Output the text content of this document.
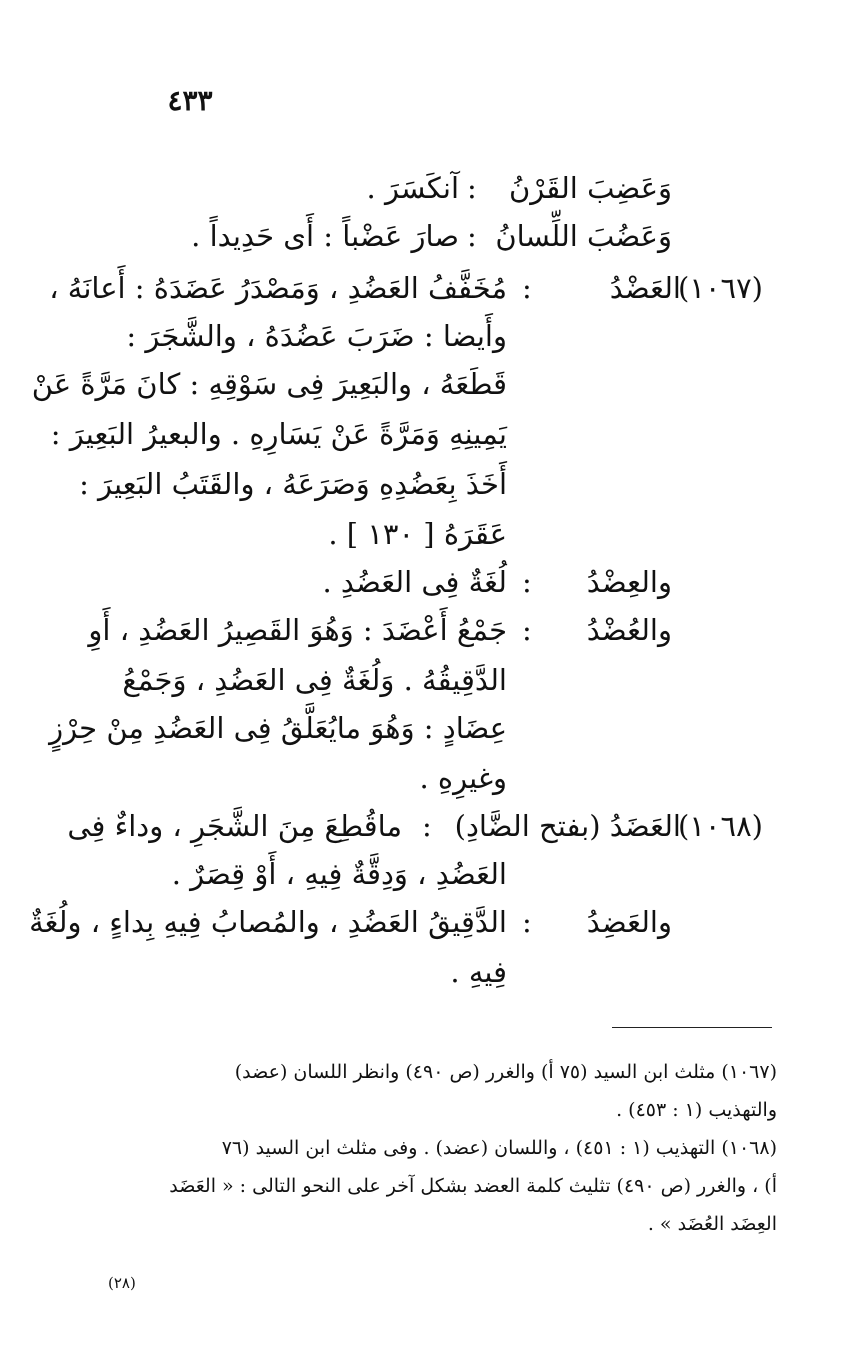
٤٣٣
وَعَضِبَ القَرْنُ
:
آنكَسَرَ .
وَعَضُبَ اللِّسانُ
:
صارَ عَضْباً : أَى حَدِيداً .
(١٠٦٧)
العَضْدُ
:
مُخَفَّفُ العَضُدِ ، وَمَصْدَرُ عَضَدَهُ : أَعانَهُ ،
وأَيضا : ضَرَبَ عَضُدَهُ ، والشَّجَرَ :
قَطَعَهُ ، والبَعِيرَ فِى سَوْقِهِ : كانَ مَرَّةً عَنْ
يَمِينِهِ وَمَرَّةً عَنْ يَسَارِهِ . والبعيرُ البَعِيرَ :
أَخَذَ بِعَضُدِهِ وَصَرَعَهُ ، والقَتَبُ البَعِيرَ :
عَقَرَهُ [ ١٣٠ ] .
والعِضْدُ
:
لُغَةٌ فِى العَضُدِ .
والعُضْدُ
:
جَمْعُ أَعْضَدَ : وَهُوَ القَصِيرُ العَضُدِ ، أَوِ
الدَّقِيقُهُ . وَلُغَةٌ فِى العَضُدِ ، وَجَمْعُ
عِضَادٍ : وَهُوَ مايُعَلَّقُ فِى العَضُدِ مِنْ حِرْزٍ
وغيرِهِ .
(١٠٦٨)
العَضَدُ (بفتح الضَّادِ)
:
ماقُطِعَ مِنَ الشَّجَرِ ، وداءٌ فِى
العَضُدِ ، وَدِقَّةٌ فِيهِ ، أَوْ قِصَرٌ .
والعَضِدُ
:
الدَّقِيقُ العَضُدِ ، والمُصابُ فِيهِ بِداءٍ ، ولُغَةٌ
فِيهِ .
(١٠٦٧) مثلث ابن السيد (٧٥ أ) والغرر (ص ٤٩٠) وانظر اللسان (عضد)
والتهذيب (١ : ٤٥٣) .
(١٠٦٨) التهذيب (١ : ٤٥١) ، واللسان (عضد) . وفى مثلث ابن السيد (٧٦
أ) ، والغرر (ص ٤٩٠) تثليث كلمة العضد بشكل آخر على النحو التالى : « العَضَد
العِضَد العُضَد » .
(٢٨)
